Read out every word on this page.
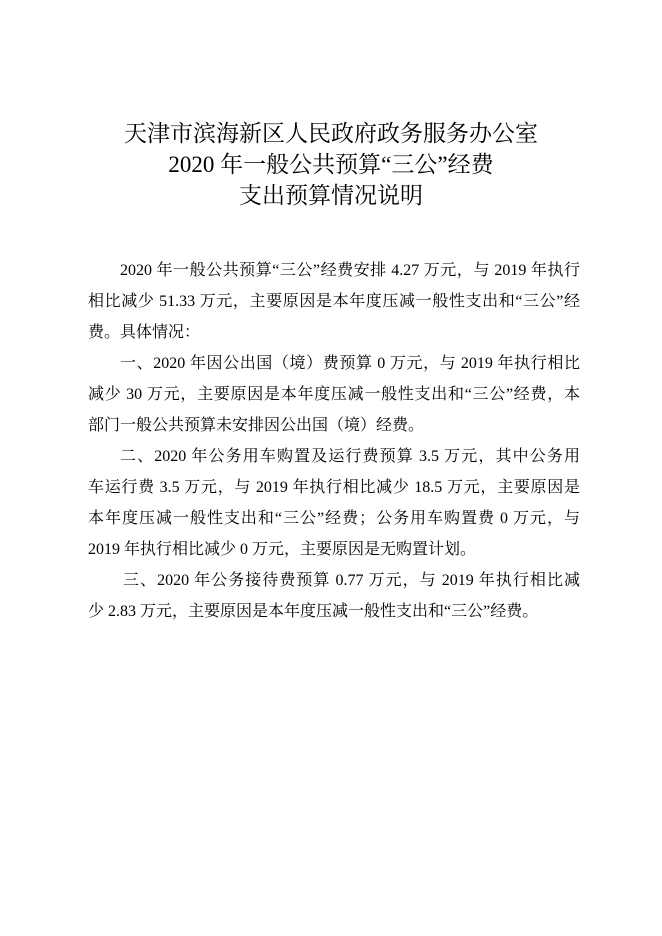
天津市滨海新区人民政府政务服务办公室
2020 年一般公共预算“三公”经费
支出预算情况说明
2020 年一般公共预算“三公”经费安排 4.27 万元，与 2019 年执行
相比减少 51.33 万元，主要原因是本年度压减一般性支出和“三公”经
费。具体情况：
一、2020 年因公出国（境）费预算 0 万元，与 2019 年执行相比
减少 30 万元，主要原因是本年度压减一般性支出和“三公”经费，本
部门一般公共预算未安排因公出国（境）经费。
二、2020 年公务用车购置及运行费预算 3.5 万元，其中公务用
车运行费 3.5 万元，与 2019 年执行相比减少 18.5 万元，主要原因是
本年度压减一般性支出和“三公”经费；公务用车购置费 0 万元，与
2019 年执行相比减少 0 万元，主要原因是无购置计划。
三、2020 年公务接待费预算 0.77 万元，与 2019 年执行相比减
少 2.83 万元，主要原因是本年度压减一般性支出和“三公”经费。
